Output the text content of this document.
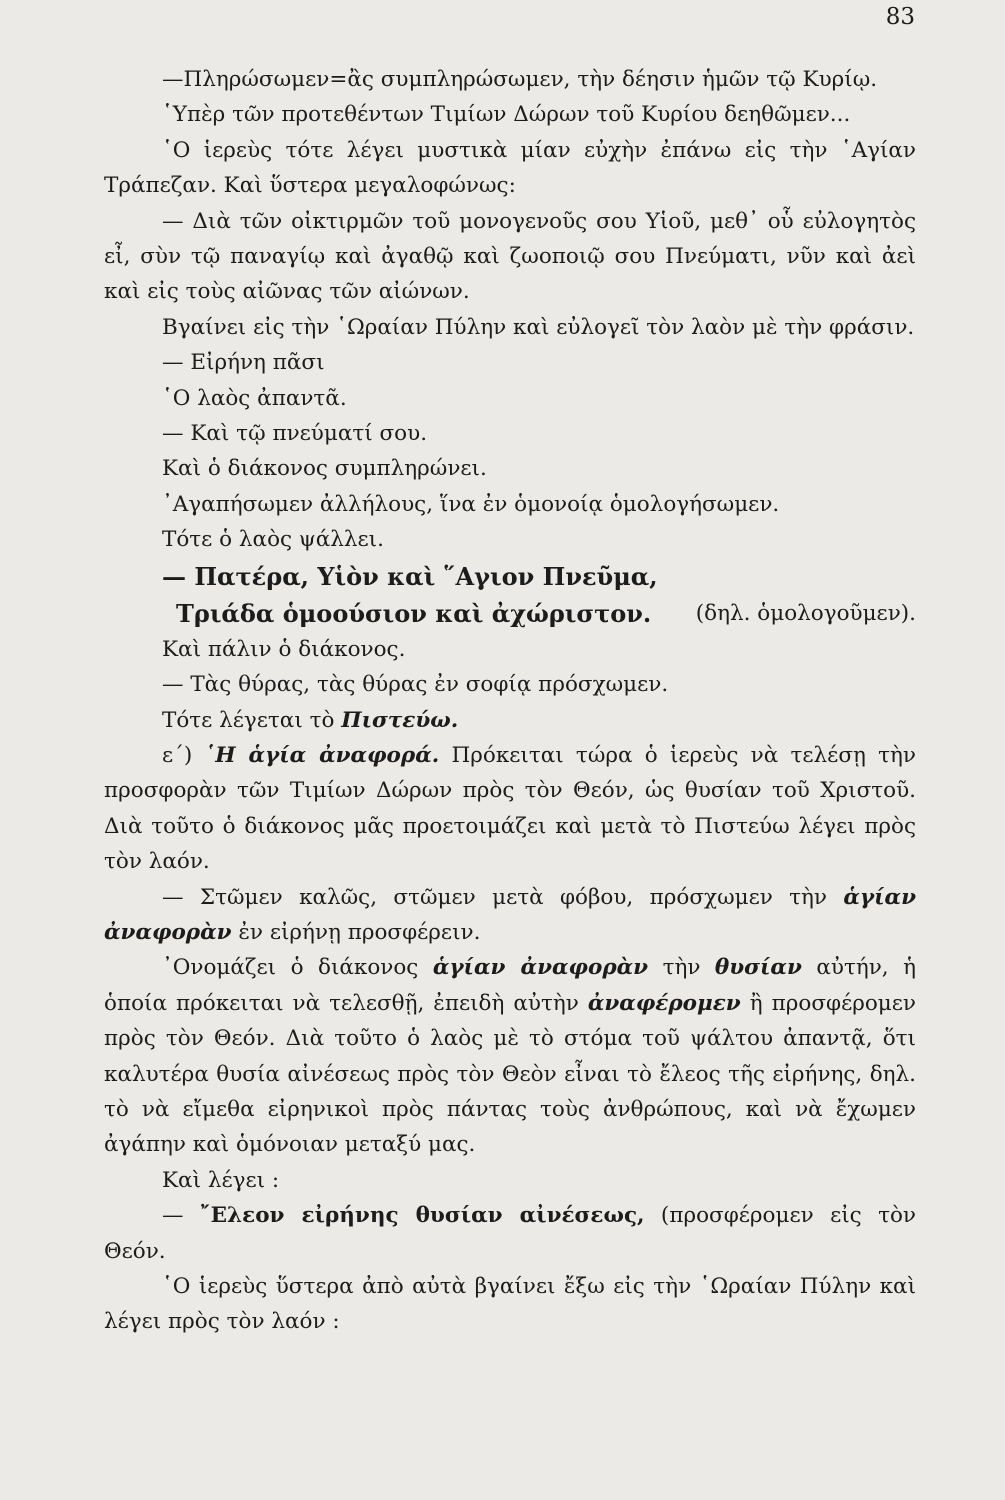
83

—Πληρώσωμεν=ἂς συμπληρώσωμεν, τὴν δέησιν ἡμῶν τῷ Κυρίῳ.

῾Υπὲρ τῶν προτεθέντων Τιμίων Δώρων τοῦ Κυρίου δεηθῶμεν...

῾Ο ἱερεὺς τότε λέγει μυστικὰ μίαν εὐχὴν ἐπάνω εἰς τὴν ῾Αγίαν Τράπεζαν. Καὶ ὕστερα μεγαλοφώνως:

— Διὰ τῶν οἰκτιρμῶν τοῦ μονογενοῦς σου Υἱοῦ, μεθ᾽ οὗ εὐλογητὸς εἶ, σὺν τῷ παναγίῳ καὶ ἀγαθῷ καὶ ζωοποιῷ σου Πνεύματι, νῦν καὶ ἀεὶ καὶ εἰς τοὺς αἰῶνας τῶν αἰώνων.

Βγαίνει εἰς τὴν ῾Ωραίαν Πύλην καὶ εὐλογεῖ τὸν λαὸν μὲ τὴν φράσιν.

— Εἰρήνη πᾶσι

῾Ο λαὸς ἀπαντᾶ.

— Καὶ τῷ πνεύματί σου.

Καὶ ὁ διάκονος συμπληρώνει.

᾽Αγαπήσωμεν ἀλλήλους, ἵνα ἐν ὁμονοίᾳ ὁμολογήσωμεν.

Τότε ὁ λαὸς ψάλλει.

— Πατέρα, Υἱὸν καὶ ῞Αγιον Πνεῦμα,

Τριάδα ὁμοούσιον καὶ ἀχώριστον. (δηλ. ὁμολογοῦμεν).

Καὶ πάλιν ὁ διάκονος.

— Τὰς θύρας, τὰς θύρας ἐν σοφίᾳ πρόσχωμεν.

Τότε λέγεται τὸ Πιστεύω.

ε΄) ῾Η ἁγία ἀναφορά. Πρόκειται τώρα ὁ ἱερεὺς νὰ τελέσῃ τὴν προσφορὰν τῶν Τιμίων Δώρων πρὸς τὸν Θεόν, ὡς θυσίαν τοῦ Χριστοῦ. Διὰ τοῦτο ὁ διάκονος μᾶς προετοιμάζει καὶ μετὰ τὸ Πιστεύω λέγει πρὸς τὸν λαόν.

— Στῶμεν καλῶς, στῶμεν μετὰ φόβου, πρόσχωμεν τὴν ἁγίαν ἀναφορὰν ἐν εἰρήνῃ προσφέρειν.

᾽Ονομάζει ὁ διάκονος ἁγίαν ἀναφορὰν τὴν θυσίαν αὐτήν, ἡ ὁποία πρόκειται νὰ τελεσθῇ, ἐπειδὴ αὐτὴν ἀναφέρομεν ἢ προσφέρομεν πρὸς τὸν Θεόν. Διὰ τοῦτο ὁ λαὸς μὲ τὸ στόμα τοῦ ψάλτου ἀπαντᾷ, ὅτι καλυτέρα θυσία αἰνέσεως πρὸς τὸν Θεὸν εἶναι τὸ ἔλεος τῆς εἰρήνης, δηλ. τὸ νὰ εἴμεθα εἰρηνικοὶ πρὸς πάντας τοὺς ἀνθρώπους, καὶ νὰ ἔχωμεν ἀγάπην καὶ ὁμόνοιαν μεταξύ μας.

Καὶ λέγει :

— ῎Ελεον εἰρήνης θυσίαν αἰνέσεως, (προσφέρομεν εἰς τὸν Θεόν.

῾Ο ἱερεὺς ὕστερα ἀπὸ αὐτὰ βγαίνει ἔξω εἰς τὴν ῾Ωραίαν Πύλην καὶ λέγει πρὸς τὸν λαόν :
